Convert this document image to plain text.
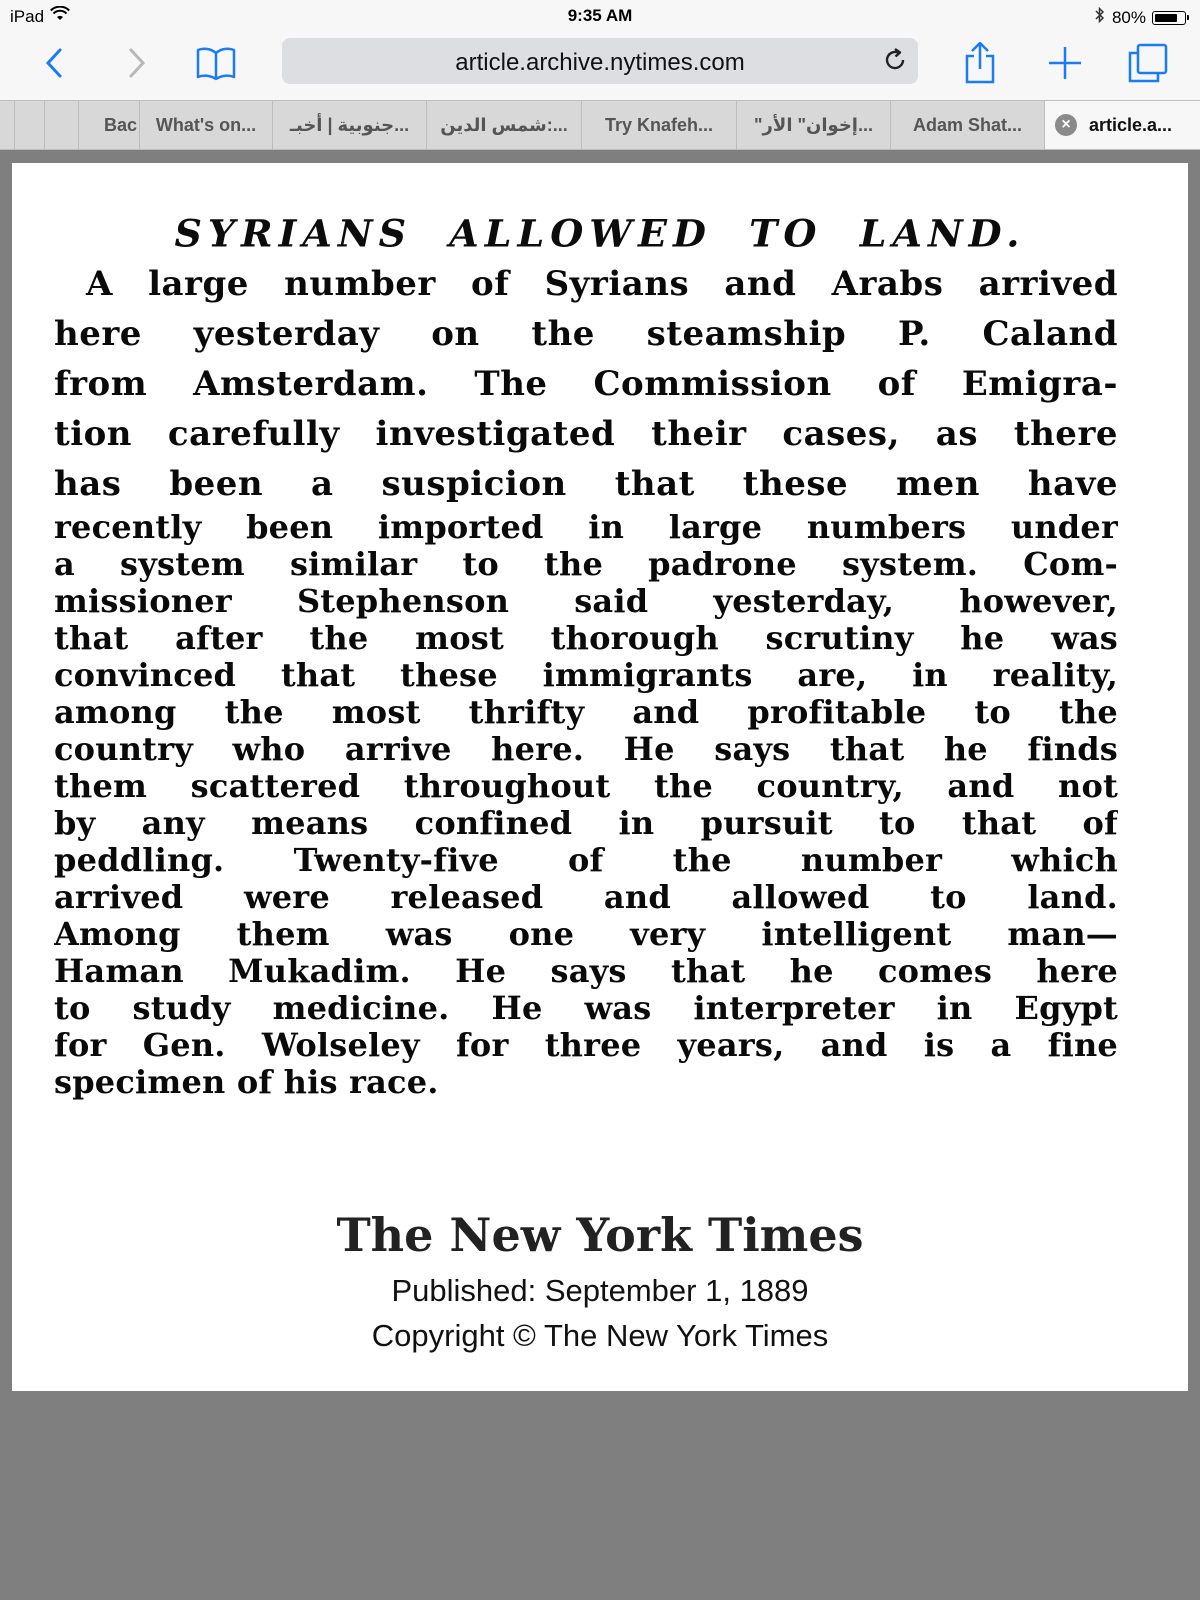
iPad	9:35 AM	80%
article.archive.nytimes.com
Bac	What's on...	جنوبية | أخبـ...	شمس الدين:...	Try Knafeh...	"إخوان" الأر...	Adam Shat...	×	article.a...
SYRIANS ALLOWED TO LAND.
A large number of Syrians and Arabs arrived
here yesterday on the steamship P. Caland
from Amsterdam. The Commission of Emigra-
tion carefully investigated their cases, as there
has been a suspicion that these men have
recently been imported in large numbers under
a system similar to the padrone system. Com-
missioner Stephenson said yesterday, however,
that after the most thorough scrutiny he was
convinced that these immigrants are, in reality,
among the most thrifty and profitable to the
country who arrive here. He says that he finds
them scattered throughout the country, and not
by any means confined in pursuit to that of
peddling. Twenty-five of the number which
arrived were released and allowed to land.
Among them was one very intelligent man—
Haman Mukadim. He says that he comes here
to study medicine. He was interpreter in Egypt
for Gen. Wolseley for three years, and is a fine
specimen of his race.
The New York Times
Published: September 1, 1889
Copyright © The New York Times
